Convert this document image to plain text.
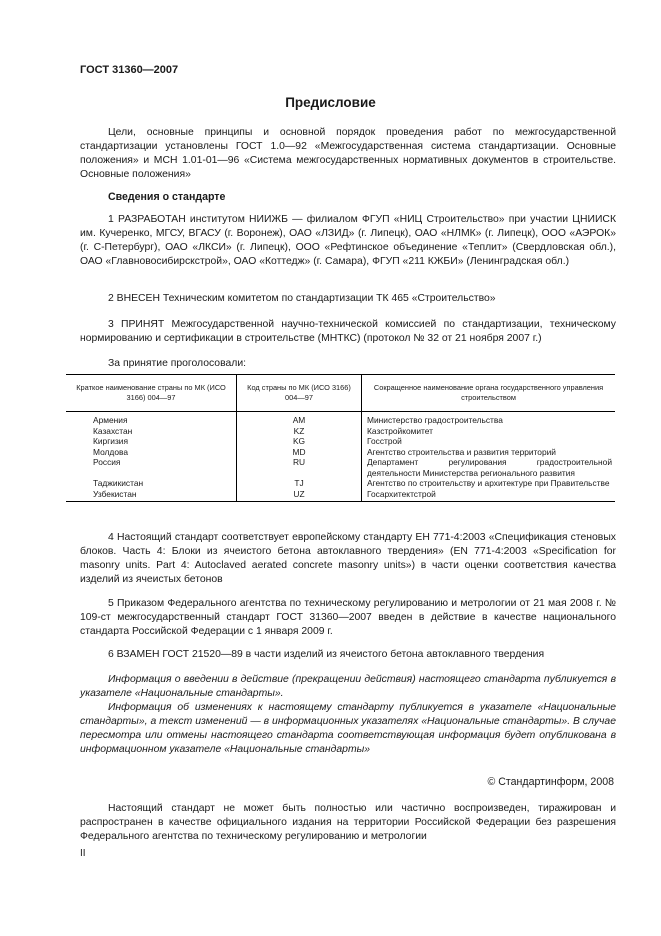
ГОСТ 31360—2007
Предисловие

Цели, основные принципы и основной порядок проведения работ по межгосударственной стандартизации установлены ГОСТ 1.0—92 «Межгосударственная система стандартизации. Основные положения» и МСН 1.01-01—96 «Система межгосударственных нормативных документов в строительстве. Основные положения»

Сведения о стандарте

1 РАЗРАБОТАН институтом НИИЖБ — филиалом ФГУП «НИЦ Строительство» при участии ЦНИИСК им. Кучеренко, МГСУ, ВГАСУ (г. Воронеж), ОАО «ЛЗИД» (г. Липецк), ОАО «НЛМК» (г. Липецк), ООО «АЭРОК» (г. С-Петербург), ОАО «ЛКСИ» (г. Липецк), ООО «Рефтинское объединение «Теплит» (Свердловская обл.), ОАО «Главновосибирскстрой», ОАО «Коттедж» (г. Самара), ФГУП «211 КЖБИ» (Ленинградская обл.)

2 ВНЕСЕН Техническим комитетом по стандартизации ТК 465 «Строительство»

3 ПРИНЯТ Межгосударственной научно-технической комиссией по стандартизации, техническому нормированию и сертификации в строительстве (МНТКС) (протокол № 32 от 21 ноября 2007 г.)

За принятие проголосовали:
Краткое наименование страны по МК (ИСО 3166) 004—97	Код страны по МК (ИСО 3166) 004—97	Сокращенное наименование органа государственного управления строительством
Армения	AM	Министерство градостроительства
Казахстан	KZ	Казстройкомитет
Киргизия	KG	Госстрой
Молдова	MD	Агентство строительства и развития территорий
Россия	RU	Департамент регулирования градостроительной деятельности Министерства регионального развития
Таджикистан	TJ	Агентство по строительству и архитектуре при Правительстве
Узбекистан	UZ	Госархитектстрой

4 Настоящий стандарт соответствует европейскому стандарту ЕН 771-4:2003 «Спецификация стеновых блоков. Часть 4: Блоки из ячеистого бетона автоклавного твердения» (EN 771-4:2003 «Specification for masonry units. Part 4: Autoclaved aerated concrete masonry units») в части оценки соответствия качества изделий из ячеистых бетонов

5 Приказом Федерального агентства по техническому регулированию и метрологии от 21 мая 2008 г. № 109-ст межгосударственный стандарт ГОСТ 31360—2007 введен в действие в качестве национального стандарта Российской Федерации с 1 января 2009 г.

6 ВЗАМЕН ГОСТ 21520—89 в части изделий из ячеистого бетона автоклавного твердения

Информация о введении в действие (прекращении действия) настоящего стандарта публикуется в указателе «Национальные стандарты».

Информация об изменениях к настоящему стандарту публикуется в указателе «Национальные стандарты», а текст изменений — в информационных указателях «Национальные стандарты». В случае пересмотра или отмены настоящего стандарта соответствующая информация будет опубликована в информационном указателе «Национальные стандарты»

© Стандартинформ, 2008

Настоящий стандарт не может быть полностью или частично воспроизведен, тиражирован и распространен в качестве официального издания на территории Российской Федерации без разрешения Федерального агентства по техническому регулированию и метрологии

II
